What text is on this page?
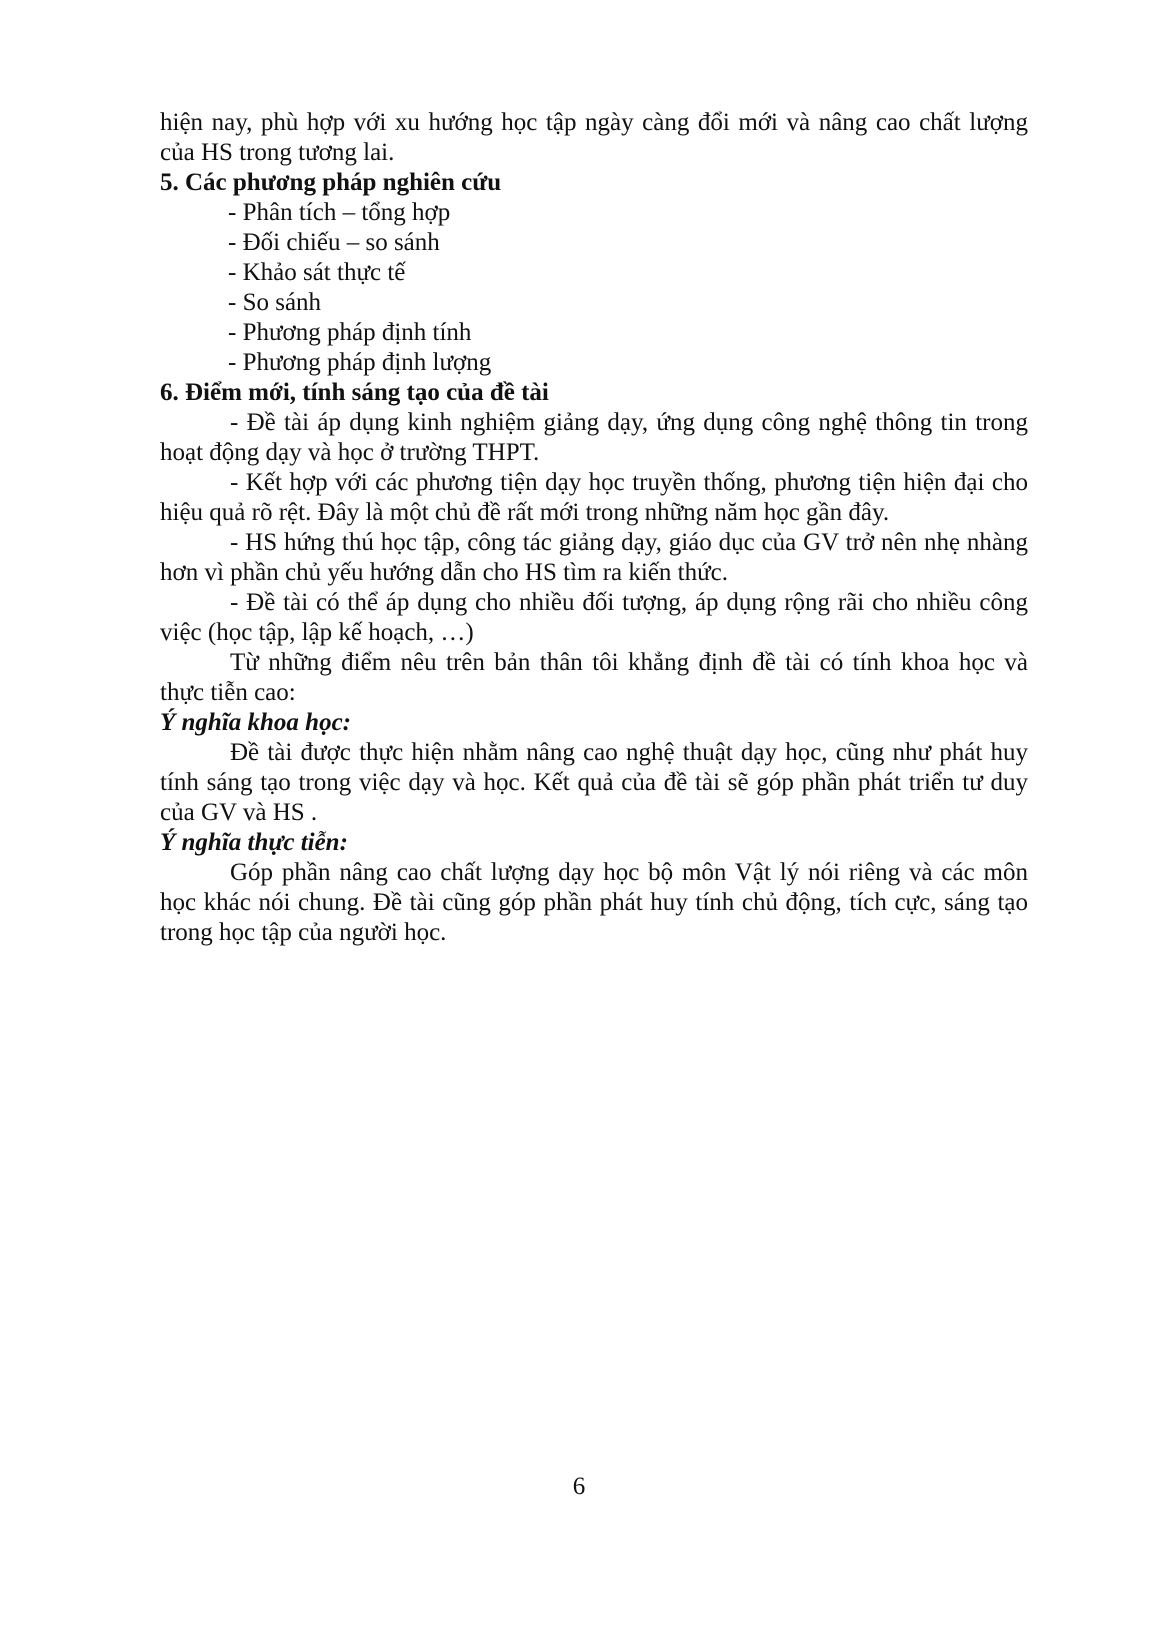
hiện nay, phù hợp với xu hướng học tập ngày càng đổi mới và nâng cao chất lượng của HS trong tương lai.

5. Các phương pháp nghiên cứu

- Phân tích – tổng hợp

- Đối chiếu – so sánh

- Khảo sát thực tế

- So sánh

- Phương pháp định tính

- Phương pháp định lượng

6. Điểm mới, tính sáng tạo của đề tài

- Đề tài áp dụng kinh nghiệm giảng dạy, ứng dụng công nghệ thông tin trong hoạt động dạy và học ở trường THPT.

- Kết hợp với các phương tiện dạy học truyền thống, phương tiện hiện đại cho hiệu quả rõ rệt. Đây là một chủ đề rất mới trong những năm học gần đây.

- HS hứng thú học tập, công tác giảng dạy, giáo dục của GV trở nên nhẹ nhàng hơn vì phần chủ yếu hướng dẫn cho HS tìm ra kiến thức.

- Đề tài có thể áp dụng cho nhiều đối tượng, áp dụng rộng rãi cho nhiều công việc (học tập, lập kế hoạch, …)

Từ những điểm nêu trên bản thân tôi khẳng định đề tài có tính khoa học và thực tiễn cao:

Ý nghĩa khoa học:

Đề tài được thực hiện nhằm nâng cao nghệ thuật dạy học, cũng như phát huy tính sáng tạo trong việc dạy và học. Kết quả của đề tài sẽ góp phần phát triển tư duy của GV và HS .

Ý nghĩa thực tiễn:

Góp phần nâng cao chất lượng dạy học bộ môn Vật lý nói riêng và các môn học khác nói chung. Đề tài cũng góp phần phát huy tính chủ động, tích cực, sáng tạo trong học tập của người học.

6
